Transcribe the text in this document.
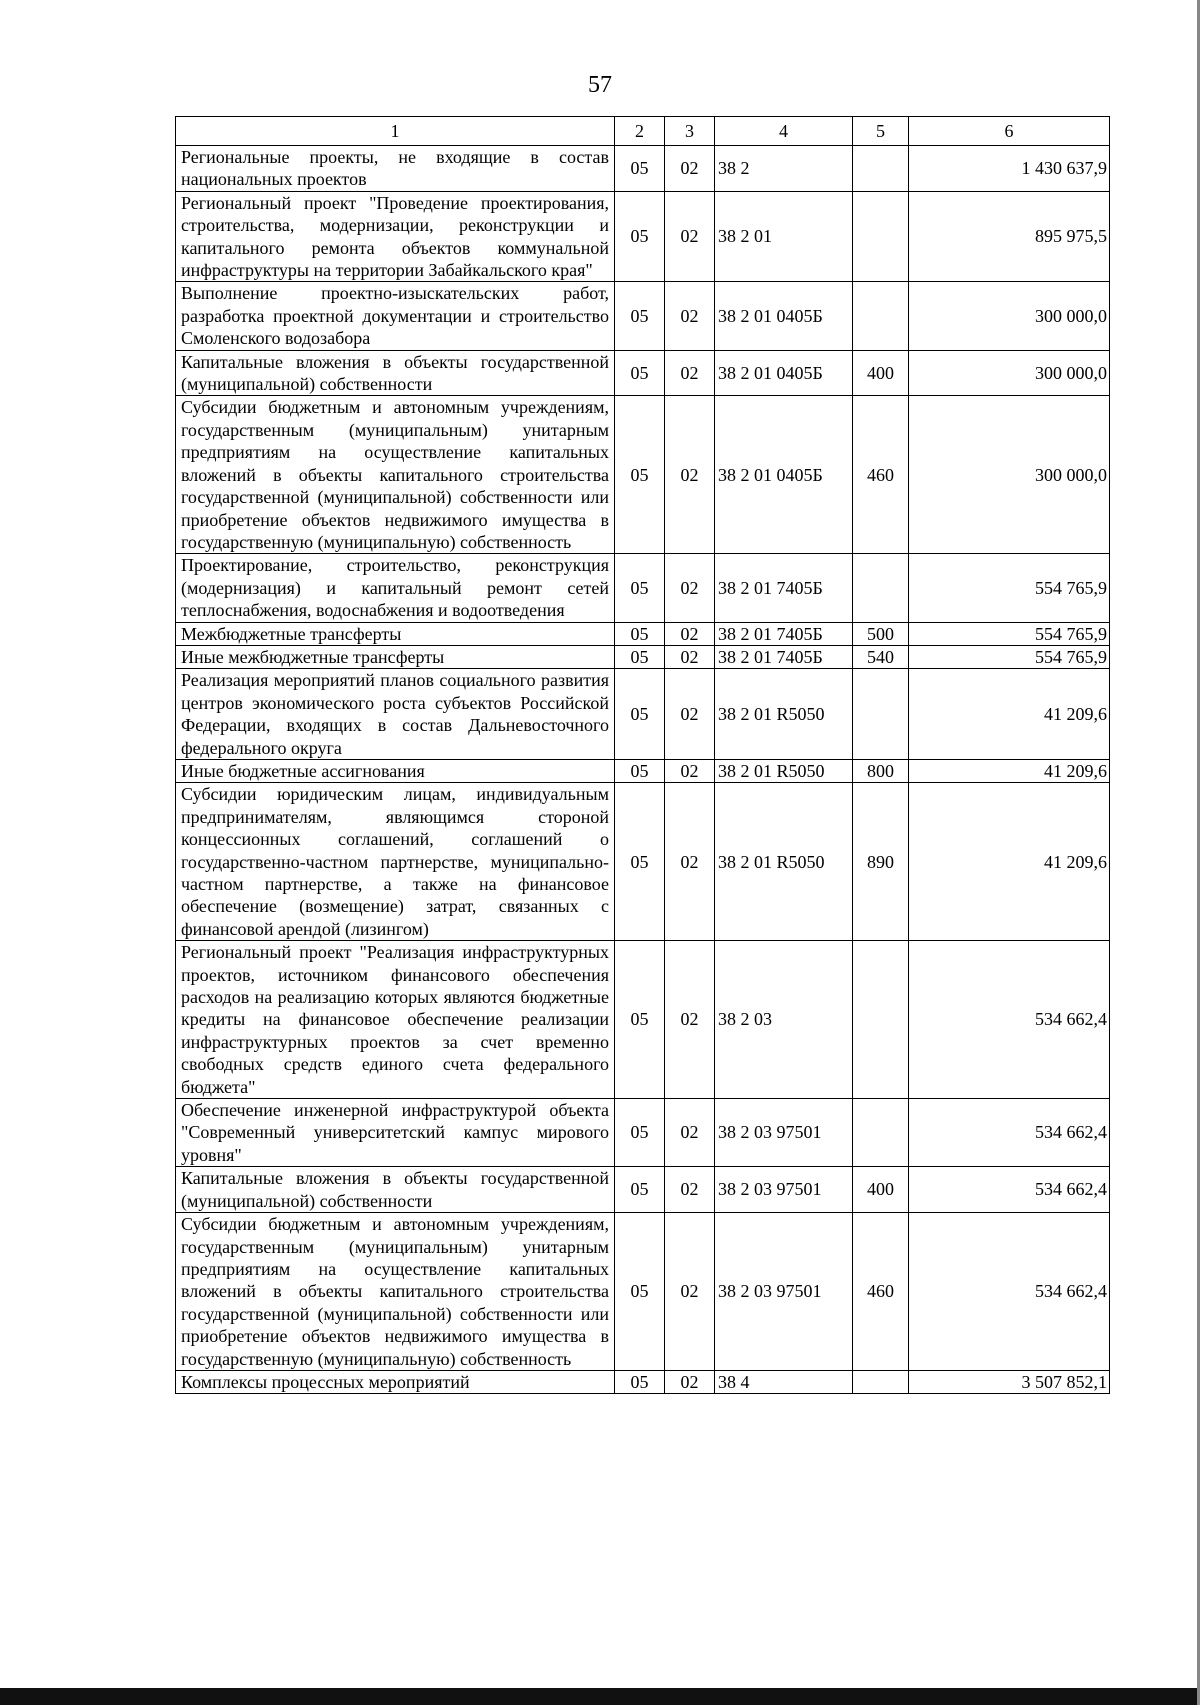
57
1	2	3	4	5	6
Региональные проекты, не входящие в состав национальных проектов	05	02	38 2		1 430 637,9
Региональный проект "Проведение проектирования, строительства, модернизации, реконструкции и капитального ремонта объектов коммунальной инфраструктуры на территории Забайкальского края"	05	02	38 2 01		895 975,5
Выполнение проектно-изыскательских работ, разработка проектной документации и строительство Смоленского водозабора	05	02	38 2 01 0405Б		300 000,0
Капитальные вложения в объекты государственной (муниципальной) собственности	05	02	38 2 01 0405Б	400	300 000,0
Субсидии бюджетным и автономным учреждениям, государственным (муниципальным) унитарным предприятиям на осуществление капитальных вложений в объекты капитального строительства государственной (муниципальной) собственности или приобретение объектов недвижимого имущества в государственную (муниципальную) собственность	05	02	38 2 01 0405Б	460	300 000,0
Проектирование, строительство, реконструкция (модернизация) и капитальный ремонт сетей теплоснабжения, водоснабжения и водоотведения	05	02	38 2 01 7405Б		554 765,9
Межбюджетные трансферты	05	02	38 2 01 7405Б	500	554 765,9
Иные межбюджетные трансферты	05	02	38 2 01 7405Б	540	554 765,9
Реализация мероприятий планов социального развития центров экономического роста субъектов Российской Федерации, входящих в состав Дальневосточного федерального округа	05	02	38 2 01 R5050		41 209,6
Иные бюджетные ассигнования	05	02	38 2 01 R5050	800	41 209,6
Субсидии юридическим лицам, индивидуальным предпринимателям, являющимся стороной концессионных соглашений, соглашений о государственно-частном партнерстве, муниципально-частном партнерстве, а также на финансовое обеспечение (возмещение) затрат, связанных с финансовой арендой (лизингом)	05	02	38 2 01 R5050	890	41 209,6
Региональный проект "Реализация инфраструктурных проектов, источником финансового обеспечения расходов на реализацию которых являются бюджетные кредиты на финансовое обеспечение реализации инфраструктурных проектов за счет временно свободных средств единого счета федерального бюджета"	05	02	38 2 03		534 662,4
Обеспечение инженерной инфраструктурой объекта "Современный университетский кампус мирового уровня"	05	02	38 2 03 97501		534 662,4
Капитальные вложения в объекты государственной (муниципальной) собственности	05	02	38 2 03 97501	400	534 662,4
Субсидии бюджетным и автономным учреждениям, государственным (муниципальным) унитарным предприятиям на осуществление капитальных вложений в объекты капитального строительства государственной (муниципальной) собственности или приобретение объектов недвижимого имущества в государственную (муниципальную) собственность	05	02	38 2 03 97501	460	534 662,4
Комплексы процессных мероприятий	05	02	38 4		3 507 852,1
